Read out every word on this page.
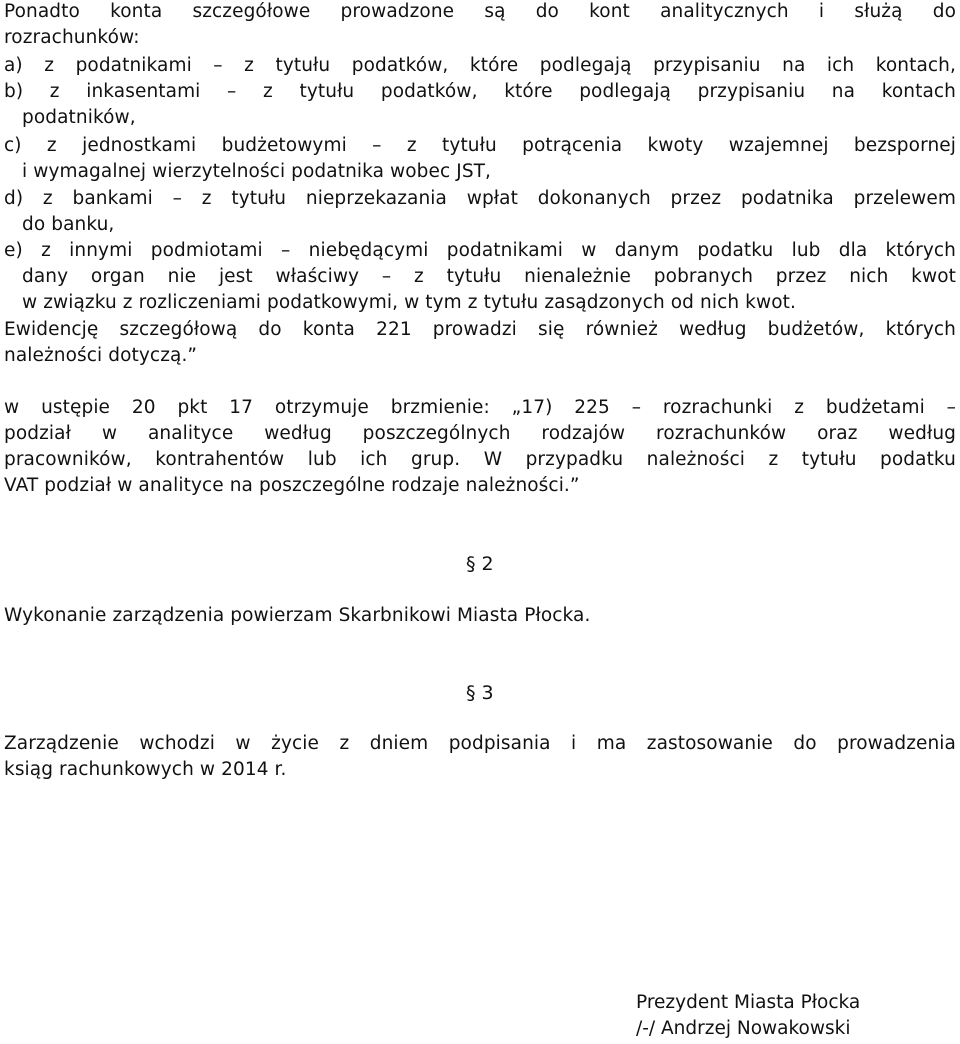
Ponadto konta szczegółowe prowadzone są do kont analitycznych i służą do
rozrachunków:
a) z podatnikami – z tytułu podatków, które podlegają przypisaniu na ich kontach,
b) z inkasentami – z tytułu podatków, które podlegają przypisaniu na kontach
podatników,
c) z jednostkami budżetowymi – z tytułu potrącenia kwoty wzajemnej bezspornej
i wymagalnej wierzytelności podatnika wobec JST,
d) z bankami – z tytułu nieprzekazania wpłat dokonanych przez podatnika przelewem
do banku,
e) z innymi podmiotami – niebędącymi podatnikami w danym podatku lub dla których
dany organ nie jest właściwy – z tytułu nienależnie pobranych przez nich kwot
w związku z rozliczeniami podatkowymi, w tym z tytułu zasądzonych od nich kwot.
Ewidencję szczegółową do konta 221 prowadzi się również według budżetów, których
należności dotyczą.”
w ustępie 20 pkt 17 otrzymuje brzmienie: „17) 225 – rozrachunki z budżetami –
podział w analityce według poszczególnych rodzajów rozrachunków oraz według
pracowników, kontrahentów lub ich grup. W przypadku należności z tytułu podatku
VAT podział w analityce na poszczególne rodzaje należności.”
§ 2
Wykonanie zarządzenia powierzam Skarbnikowi Miasta Płocka.
§ 3
Zarządzenie wchodzi w życie z dniem podpisania i ma zastosowanie do prowadzenia
ksiąg rachunkowych w 2014 r.
Prezydent Miasta Płocka
/-/ Andrzej Nowakowski
